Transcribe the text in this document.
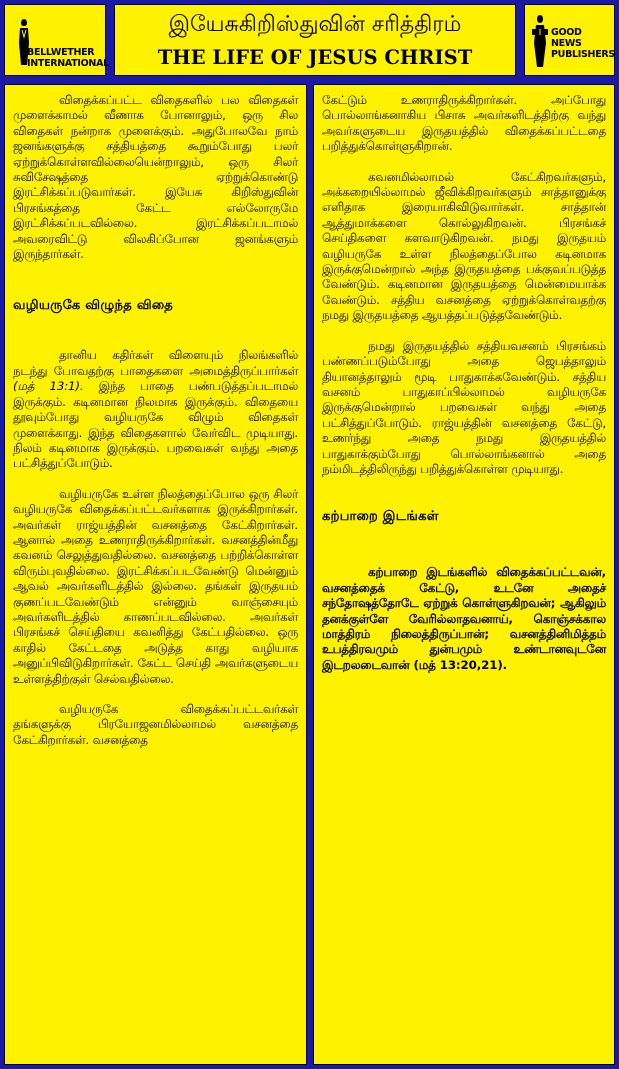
BELLWETHER
INTERNATIONAL
இயேசுகிறிஸ்துவின் சரித்திரம்
THE LIFE OF JESUS CHRIST
GOOD NEWS
PUBLISHERS

விதைக்கப்பட்ட விதைகளில் பல விதைகள் முளைக்காமல் வீணாக போனாலும், ஒரு சில விதைகள் நன்றாக முளைக்கும். அதுபோலவே நாம் ஜனங்களுக்கு சத்தியத்தை கூறும்போது பலர் ஏற்றுக்கொள்ளவில்லையென்றாலும், ஒரு சிலர் சுவிசேஷத்தை ஏற்றுக்கொண்டு இரட்சிக்கப்படுவார்கள். இயேசு கிறிஸ்துவின் பிரசங்கத்தை கேட்ட எல்லோருமே இரட்சிக்கப்படவில்லை. இரட்சிக்கப்படாமல் அவரைவிட்டு விலகிப்போன ஜனங்களும் இருந்தார்கள்.

வழியருகே விழுந்த விதை

தானிய கதிர்கள் விளையும் நிலங்களில் நடந்து போவதற்கு பாதைகளை அமைத்திருப்பார்கள் (மத் 13:1). இந்த பாதை பண்படுத்தப்படாமல் இருக்கும். கடினமான நிலமாக இருக்கும். விதையை தூவும்போது வழியருகே விழும் விதைகள் முளைக்காது. இந்த விதைகளால் வேர்விட முடியாது. நிலம் கடினமாக இருக்கும். பறவைகள் வந்து அதை பட்சித்துப்போடும்.

வழியருகே உள்ள நிலத்தைப்போல ஒரு சிலர் வழியருகே விதைக்கப்பட்டவர்களாக இருக்கிறார்கள். அவர்கள் ராஜ்யத்தின் வசனத்தை கேட்கிறார்கள். ஆனால் அதை உணராதிருக்கிறார்கள். வசனத்தின்மீது கவனம் செலுத்துவதில்லை. வசனத்தை பற்றிக்கொள்ள விரும்புவதில்லை. இரட்சிக்கப்படவேண்டு மென்னும் ஆவல் அவர்களிடத்தில் இல்லை. தங்கள் இருதயம் குணப்படவேண்டும் என்னும் வாஞ்சையும் அவர்களிடத்தில் காணப்படவில்லை. அவர்கள் பிரசங்கச் செய்தியை கவனித்து கேட்பதில்லை. ஒரு காதில் கேட்டதை அடுத்த காது வழியாக அனுப்பிவிடுகிறார்கள். கேட்ட செய்தி அவர்களுடைய உள்ளத்திற்குள் செல்வதில்லை.

வழியருகே விதைக்கப்பட்டவர்கள் தங்களுக்கு பிரயோஜனமில்லாமல் வசனத்தை கேட்கிறார்கள். வசனத்தை

கேட்டும் உணராதிருக்கிறார்கள். அப்போது பொல்லாங்கனாகிய பிசாசு அவர்களிடத்திற்கு வந்து அவர்களுடைய இருதயத்தில் விதைக்கப்பட்டதை பறித்துக்கொள்ளுகிறான்.

கவனமில்லாமல் கேட்கிறவர்களும், அக்கறையில்லாமல் ஜீவிக்கிறவர்களும் சாத்தானுக்கு எளிதாக இரையாகிவிடுவார்கள். சாத்தான் ஆத்துமாக்களை கொல்லுகிறவன். பிரசங்கச் செய்திகளை களவாடுகிறவன். நமது இருதயம் வழியருகே உள்ள நிலத்தைப்போல கடினமாக இருக்குமென்றால் அந்த இருதயத்தை பக்குவப்படுத்த வேண்டும். கடினமான இருதயத்தை மென்மையாக்க வேண்டும். சத்திய வசனத்தை ஏற்றுக்கொள்வதற்கு நமது இருதயத்தை ஆயத்தப்படுத்தவேண்டும்.

நமது இருதயத்தில் சத்தியவசனம் பிரசங்கம் பண்ணப்படும்போது அதை ஜெபத்தாலும் தியானத்தாலும் மூடி பாதுகாக்கவேண்டும். சத்திய வசனம் பாதுகாப்பில்லாமல் வழியருகே இருக்குமென்றால் பறவைகள் வந்து அதை பட்சித்துப்போடும். ராஜ்யத்தின் வசனத்தை கேட்டு, உணர்ந்து அதை நமது இருதயத்தில் பாதுகாக்கும்போது பொல்லாங்கனால் அதை நம்மிடத்திலிருந்து பறித்துக்கொள்ள முடியாது.

கற்பாறை இடங்கள்

கற்பாறை இடங்களில் விதைக்கப்பட்டவன், வசனத்தைக் கேட்டு, உடனே அதைச் சந்தோஷத்தோடே ஏற்றுக் கொள்ளுகிறவன்; ஆகிலும் தனக்குள்ளே வேரில்லாதவனாய், கொஞ்சக்கால மாத்திரம் நிலைத்திருப்பான்; வசனத்தினிமித்தம் உபத்திரவமும் துன்பமும் உண்டானவுடனே இடறலடைவான் (மத் 13:20,21).
